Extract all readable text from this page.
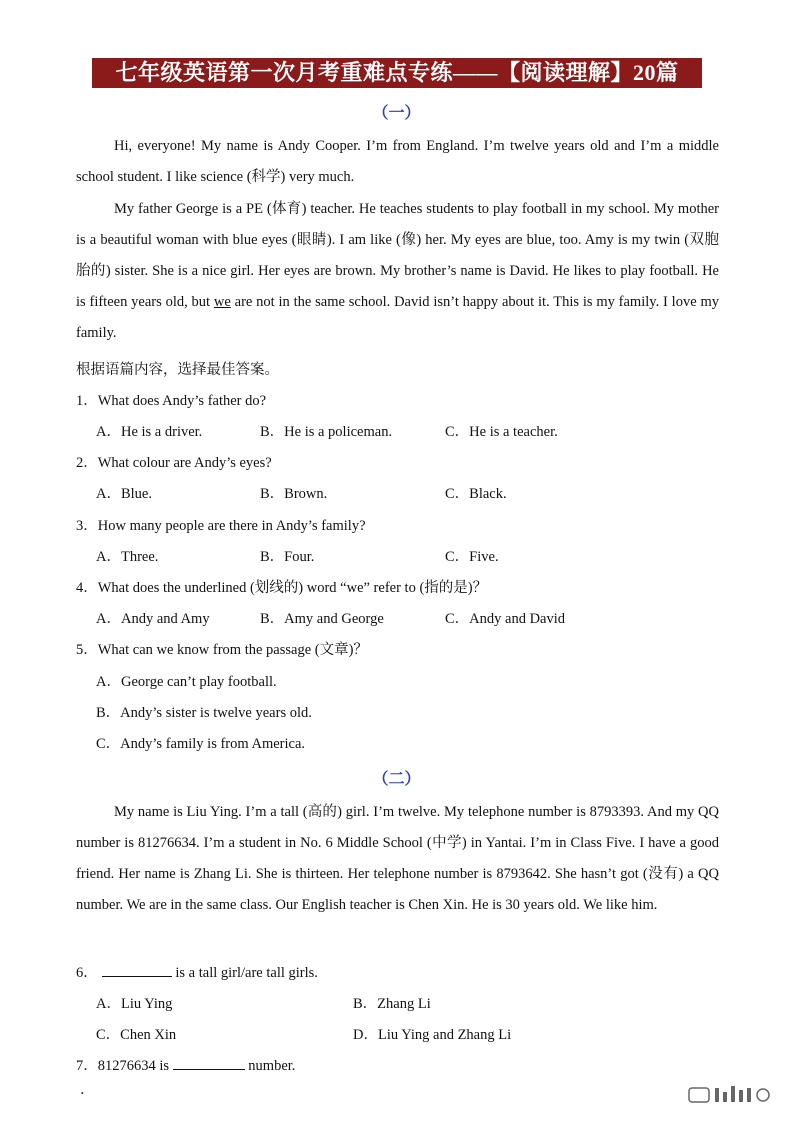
七年级英语第一次月考重难点专练——【阅读理解】20篇
（一）
Hi, everyone! My name is Andy Cooper. I’m from England. I’m twelve years old and I’m a middle school student. I like science (科学) very much.
My father George is a PE (体育) teacher. He teaches students to play football in my school. My mother is a beautiful woman with blue eyes (眼睛). I am like (像) her. My eyes are blue, too. Amy is my twin (双胞胎的) sister. She is a nice girl. Her eyes are brown. My brother’s name is David. He likes to play football. He is fifteen years old, but we are not in the same school. David isn’t happy about it. This is my family. I love my family.
根据语篇内容，选择最佳答案。
1．What does Andy’s father do?
A．He is a driver.	B．He is a policeman.	C．He is a teacher.
2．What colour are Andy’s eyes?
A．Blue.	B．Brown.	C．Black.
3．How many people are there in Andy’s family?
A．Three.	B．Four.	C．Five.
4．What does the underlined (划线的) word “we” refer to (指的是)？
A．Andy and Amy	B．Amy and George	C．Andy and David
5．What can we know from the passage (文章)？
A．George can’t play football.
B．Andy’s sister is twelve years old.
C．Andy’s family is from America.
（二）
My name is Liu Ying. I’m a tall (高的) girl. I’m twelve. My telephone number is 8793393. And my QQ number is 81276634. I’m a student in No. 6 Middle School (中学) in Yantai. I’m in Class Five. I have a good friend. Her name is Zhang Li. She is thirteen. Her telephone number is 8793642. She hasn’t got (没有) a QQ number. We are in the same class. Our English teacher is Chen Xin. He is 30 years old. We like him.
6．	is a tall girl/are tall girls.
A．Liu Ying	B．Zhang Li
C．Chen Xin	D．Liu Ying and Zhang Li
7．81276634 is	number.
．
